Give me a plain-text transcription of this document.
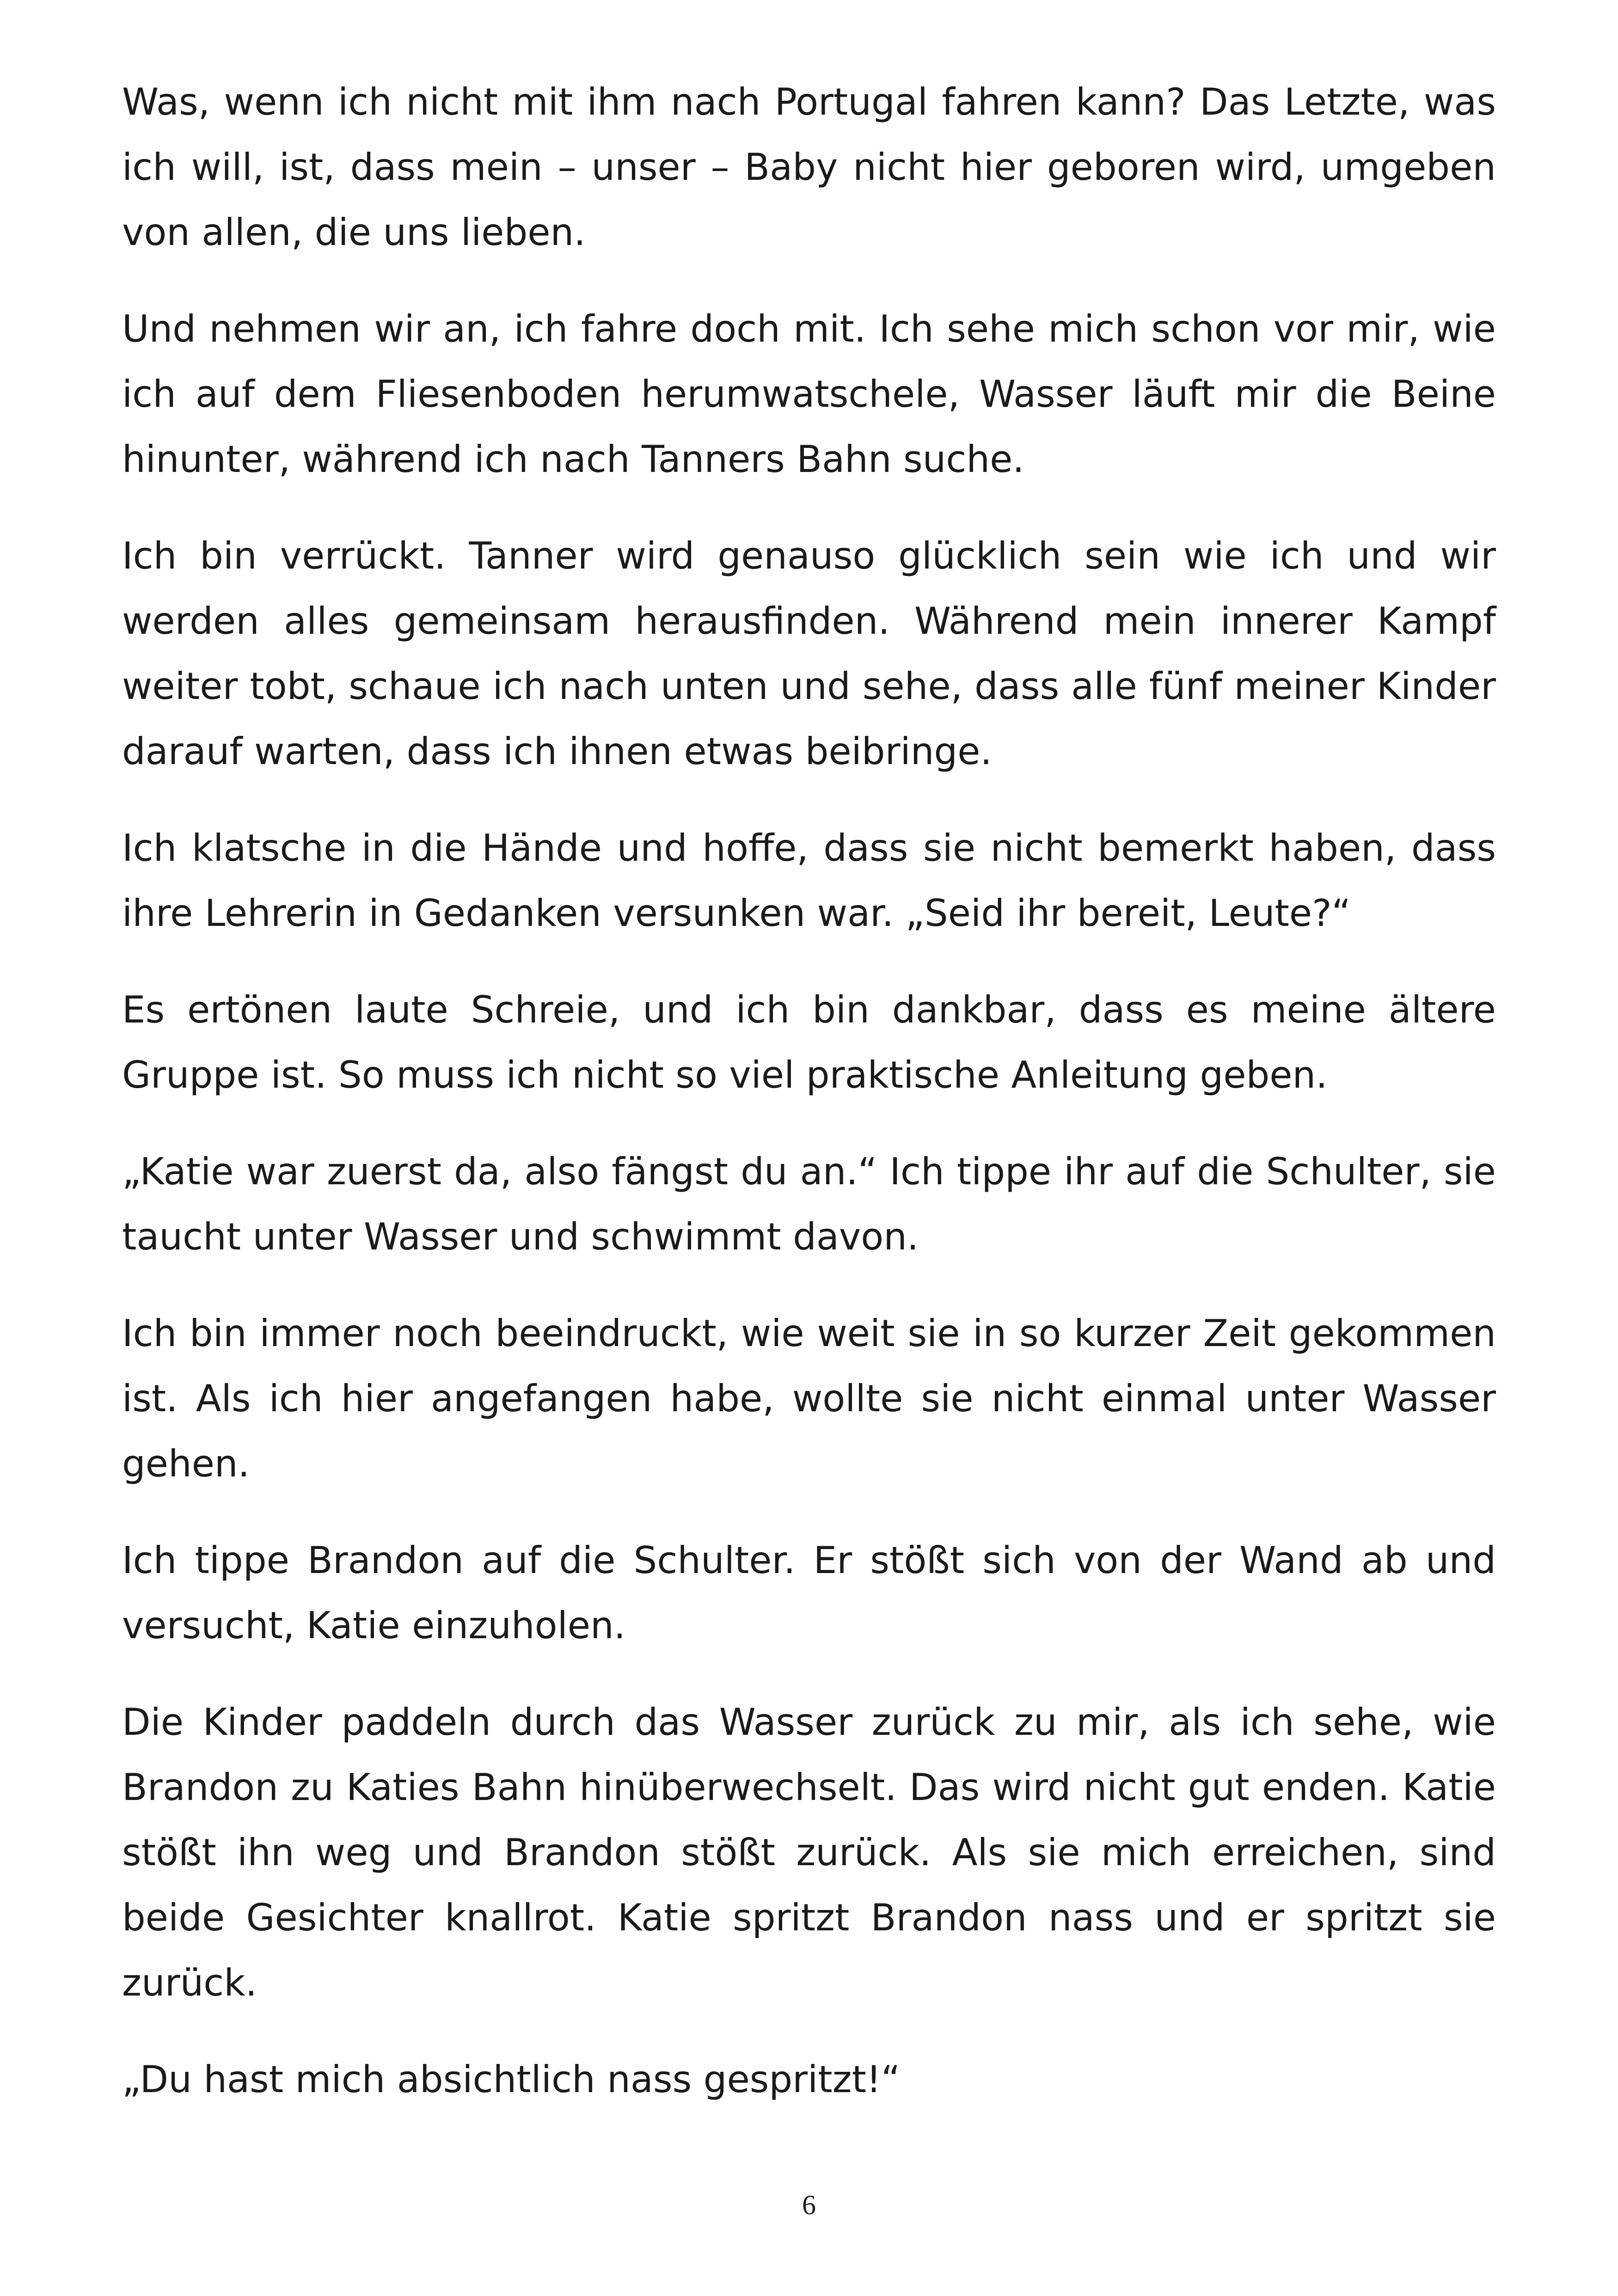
Was, wenn ich nicht mit ihm nach Portugal fahren kann? Das Letzte, was ich will, ist, dass mein – unser – Baby nicht hier geboren wird, umgeben von allen, die uns lieben.

Und nehmen wir an, ich fahre doch mit. Ich sehe mich schon vor mir, wie ich auf dem Fliesenboden herumwatschele, Wasser läuft mir die Beine hinunter, während ich nach Tanners Bahn suche.

Ich bin verrückt. Tanner wird genauso glücklich sein wie ich und wir werden alles gemeinsam herausfinden. Während mein innerer Kampf weiter tobt, schaue ich nach unten und sehe, dass alle fünf meiner Kinder darauf warten, dass ich ihnen etwas beibringe.

Ich klatsche in die Hände und hoffe, dass sie nicht bemerkt haben, dass ihre Lehrerin in Gedanken versunken war. „Seid ihr bereit, Leute?“

Es ertönen laute Schreie, und ich bin dankbar, dass es meine ältere Gruppe ist. So muss ich nicht so viel praktische Anleitung geben.

„Katie war zuerst da, also fängst du an.“ Ich tippe ihr auf die Schulter, sie taucht unter Wasser und schwimmt davon.

Ich bin immer noch beeindruckt, wie weit sie in so kurzer Zeit gekommen ist. Als ich hier angefangen habe, wollte sie nicht einmal unter Wasser gehen.

Ich tippe Brandon auf die Schulter. Er stößt sich von der Wand ab und versucht, Katie einzuholen.

Die Kinder paddeln durch das Wasser zurück zu mir, als ich sehe, wie Brandon zu Katies Bahn hinüberwechselt. Das wird nicht gut enden. Katie stößt ihn weg und Brandon stößt zurück. Als sie mich erreichen, sind beide Gesichter knallrot. Katie spritzt Brandon nass und er spritzt sie zurück.

„Du hast mich absichtlich nass gespritzt!“

6
